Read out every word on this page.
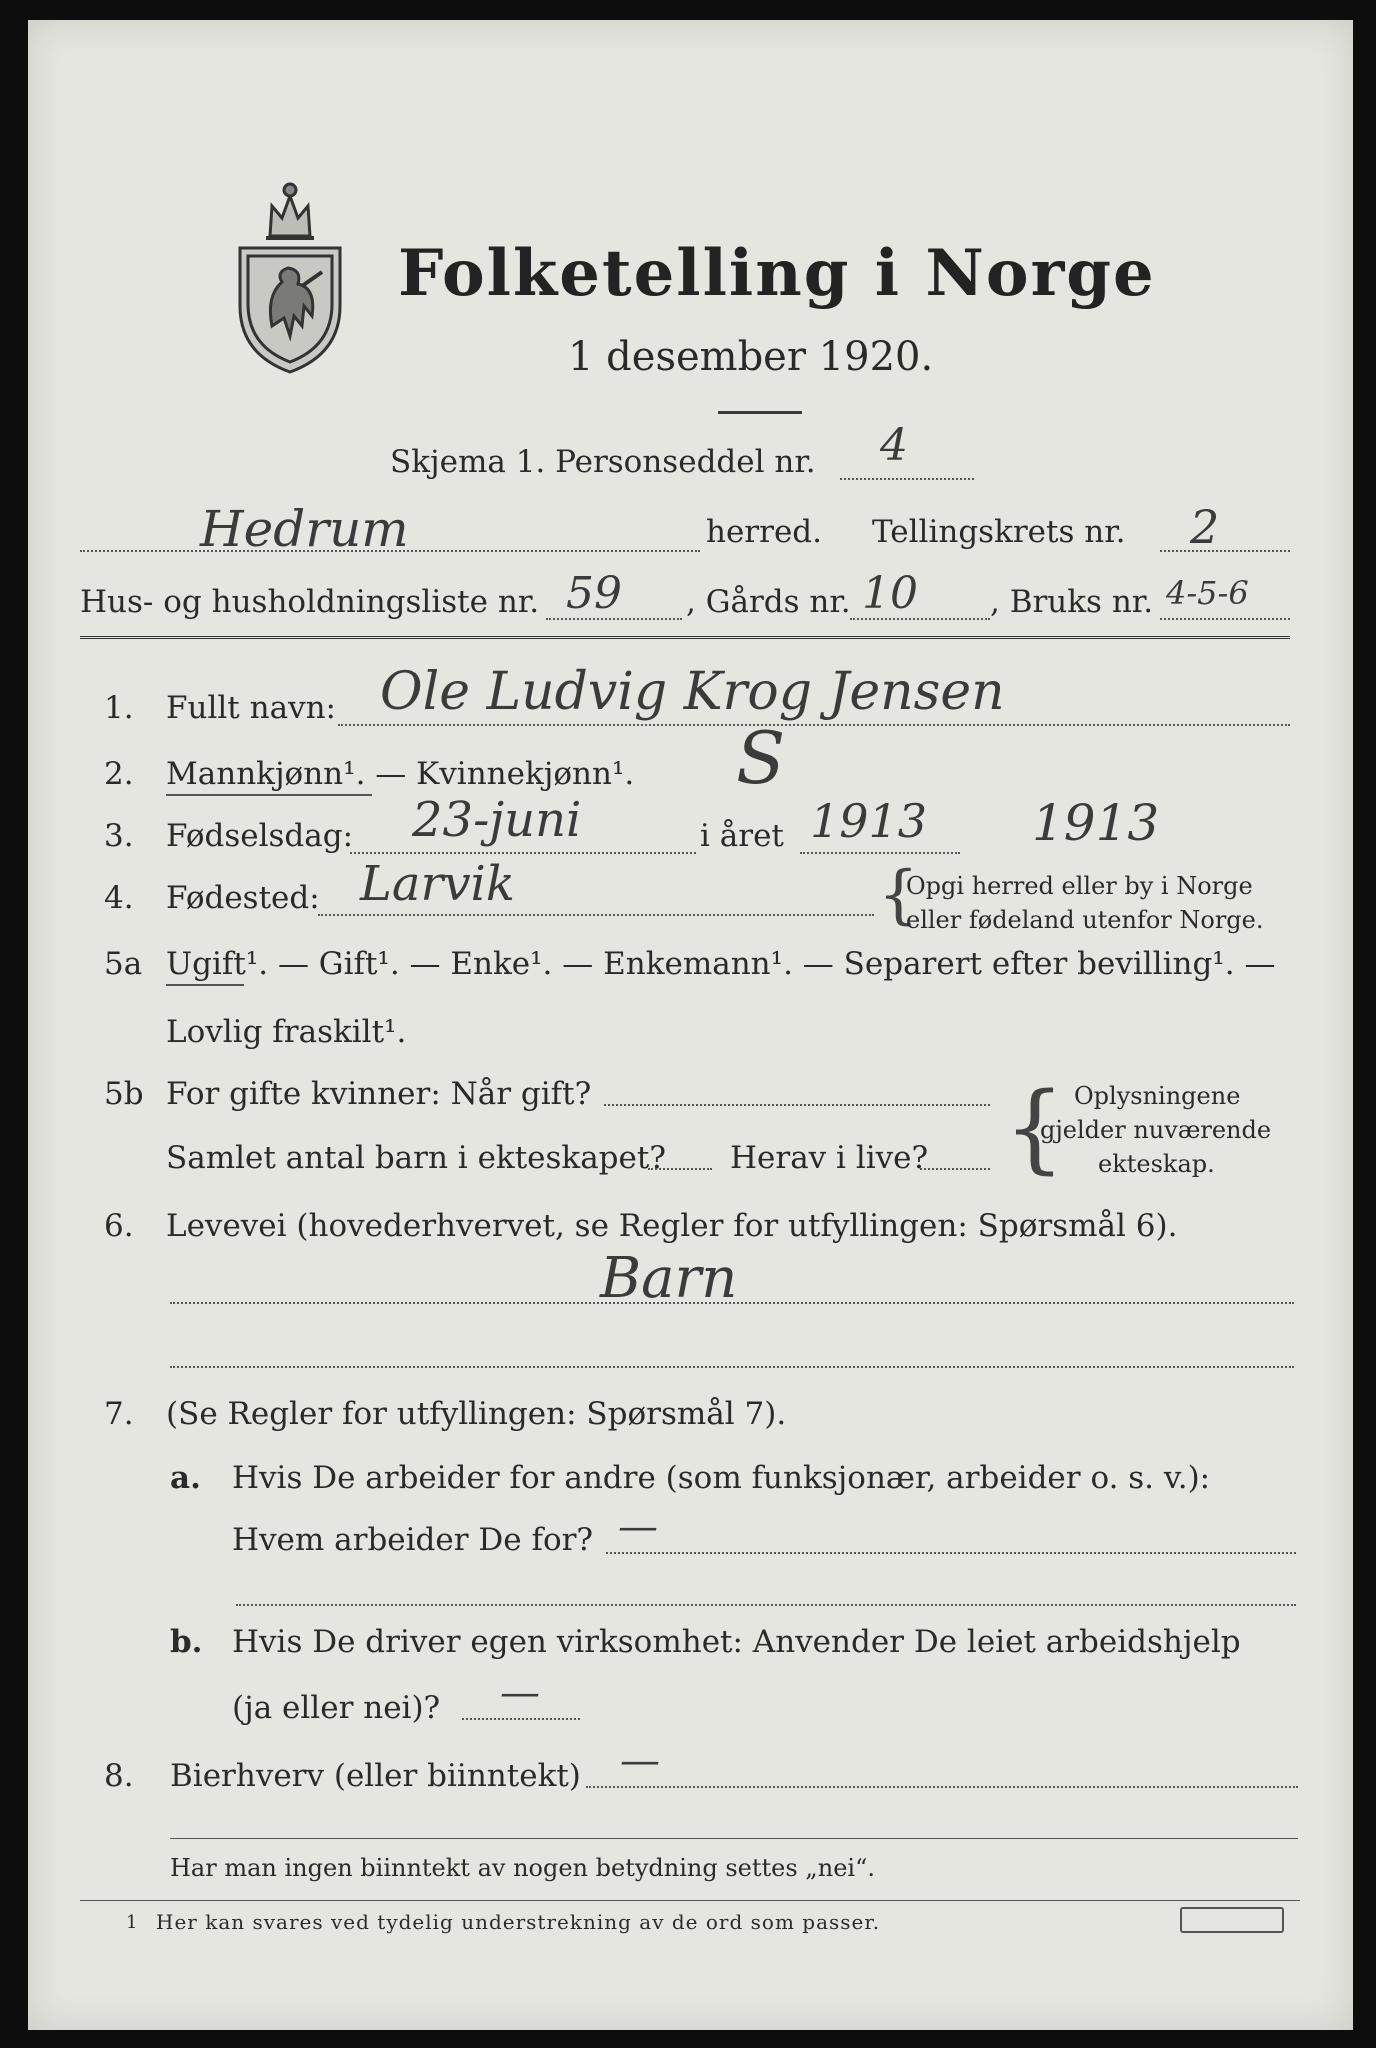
Folketelling i Norge
1 desember 1920.
Skjema 1. Personseddel nr. 4
Hedrum	herred. Tellingskrets nr. 2
Hus- og husholdningsliste nr. 59 , Gårds nr. 10 , Bruks nr. 4-5-6
1. Fullt navn: Ole Ludvig Krog Jensen
2. Mannkjønn¹. — Kvinnekjønn¹. S
3. Fødselsdag: 23-juni	i året 1913 1913
4. Fødested: Larvik	{
Opgi herred eller by i Norge
eller fødeland utenfor Norge.
5a Ugift¹. — Gift¹. — Enke¹. — Enkemann¹. — Separert efter bevilling¹. —
Lovlig fraskilt¹.
5b For gifte kvinner: Når gift?
Samlet antal barn i ekteskapet? Herav i live? { Oplysningene
gjelder nuværende
ekteskap.
6. Levevei (hovederhvervet, se Regler for utfyllingen: Spørsmål 6).
Barn
7. (Se Regler for utfyllingen: Spørsmål 7).
a. Hvis De arbeider for andre (som funksjonær, arbeider o. s. v.):
Hvem arbeider De for? —
b. Hvis De driver egen virksomhet: Anvender De leiet arbeidshjelp
(ja eller nei)? —
8. Bierhverv (eller biinntekt) —
Har man ingen biinntekt av nogen betydning settes „nei“.
1 Her kan svares ved tydelig understrekning av de ord som passer.
